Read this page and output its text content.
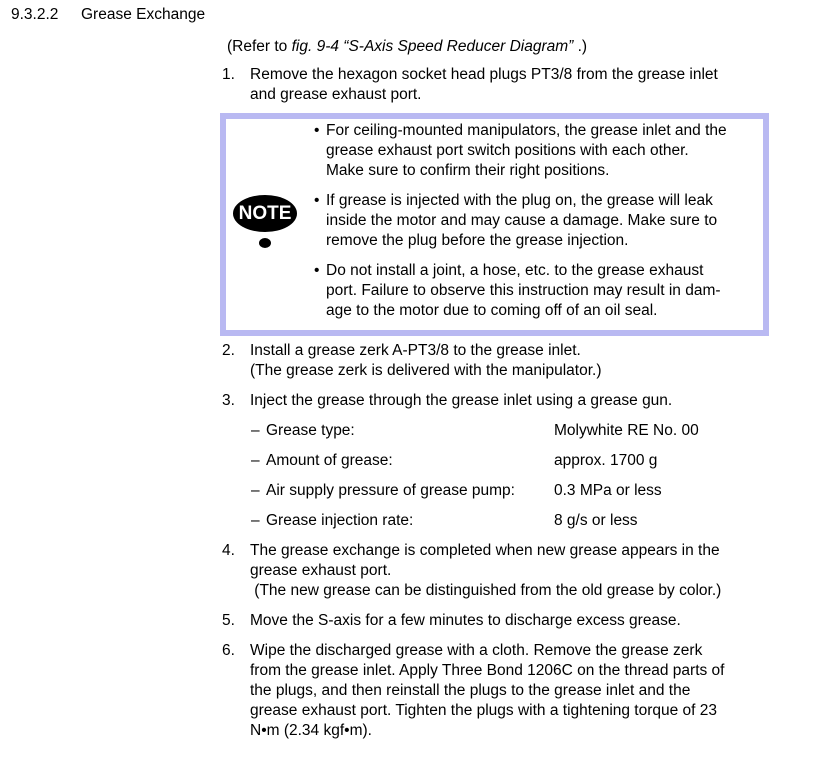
9.3.2.2 Grease Exchange
(Refer to fig. 9-4 “S-Axis Speed Reducer Diagram” .)
1. Remove the hexagon socket head plugs PT3/8 from the grease inlet
and grease exhaust port.
NOTE
• For ceiling-mounted manipulators, the grease inlet and the
grease exhaust port switch positions with each other.
Make sure to confirm their right positions.
• If grease is injected with the plug on, the grease will leak
inside the motor and may cause a damage. Make sure to
remove the plug before the grease injection.
• Do not install a joint, a hose, etc. to the grease exhaust
port. Failure to observe this instruction may result in dam-
age to the motor due to coming off of an oil seal.
2. Install a grease zerk A-PT3/8 to the grease inlet.
(The grease zerk is delivered with the manipulator.)
3. Inject the grease through the grease inlet using a grease gun.
– Grease type:	Molywhite RE No. 00
– Amount of grease:	approx. 1700 g
– Air supply pressure of grease pump:	0.3 MPa or less
– Grease injection rate:	8 g/s or less
4. The grease exchange is completed when new grease appears in the
grease exhaust port.
(The new grease can be distinguished from the old grease by color.)
5. Move the S-axis for a few minutes to discharge excess grease.
6. Wipe the discharged grease with a cloth. Remove the grease zerk
from the grease inlet. Apply Three Bond 1206C on the thread parts of
the plugs, and then reinstall the plugs to the grease inlet and the
grease exhaust port. Tighten the plugs with a tightening torque of 23
N•m (2.34 kgf•m).
